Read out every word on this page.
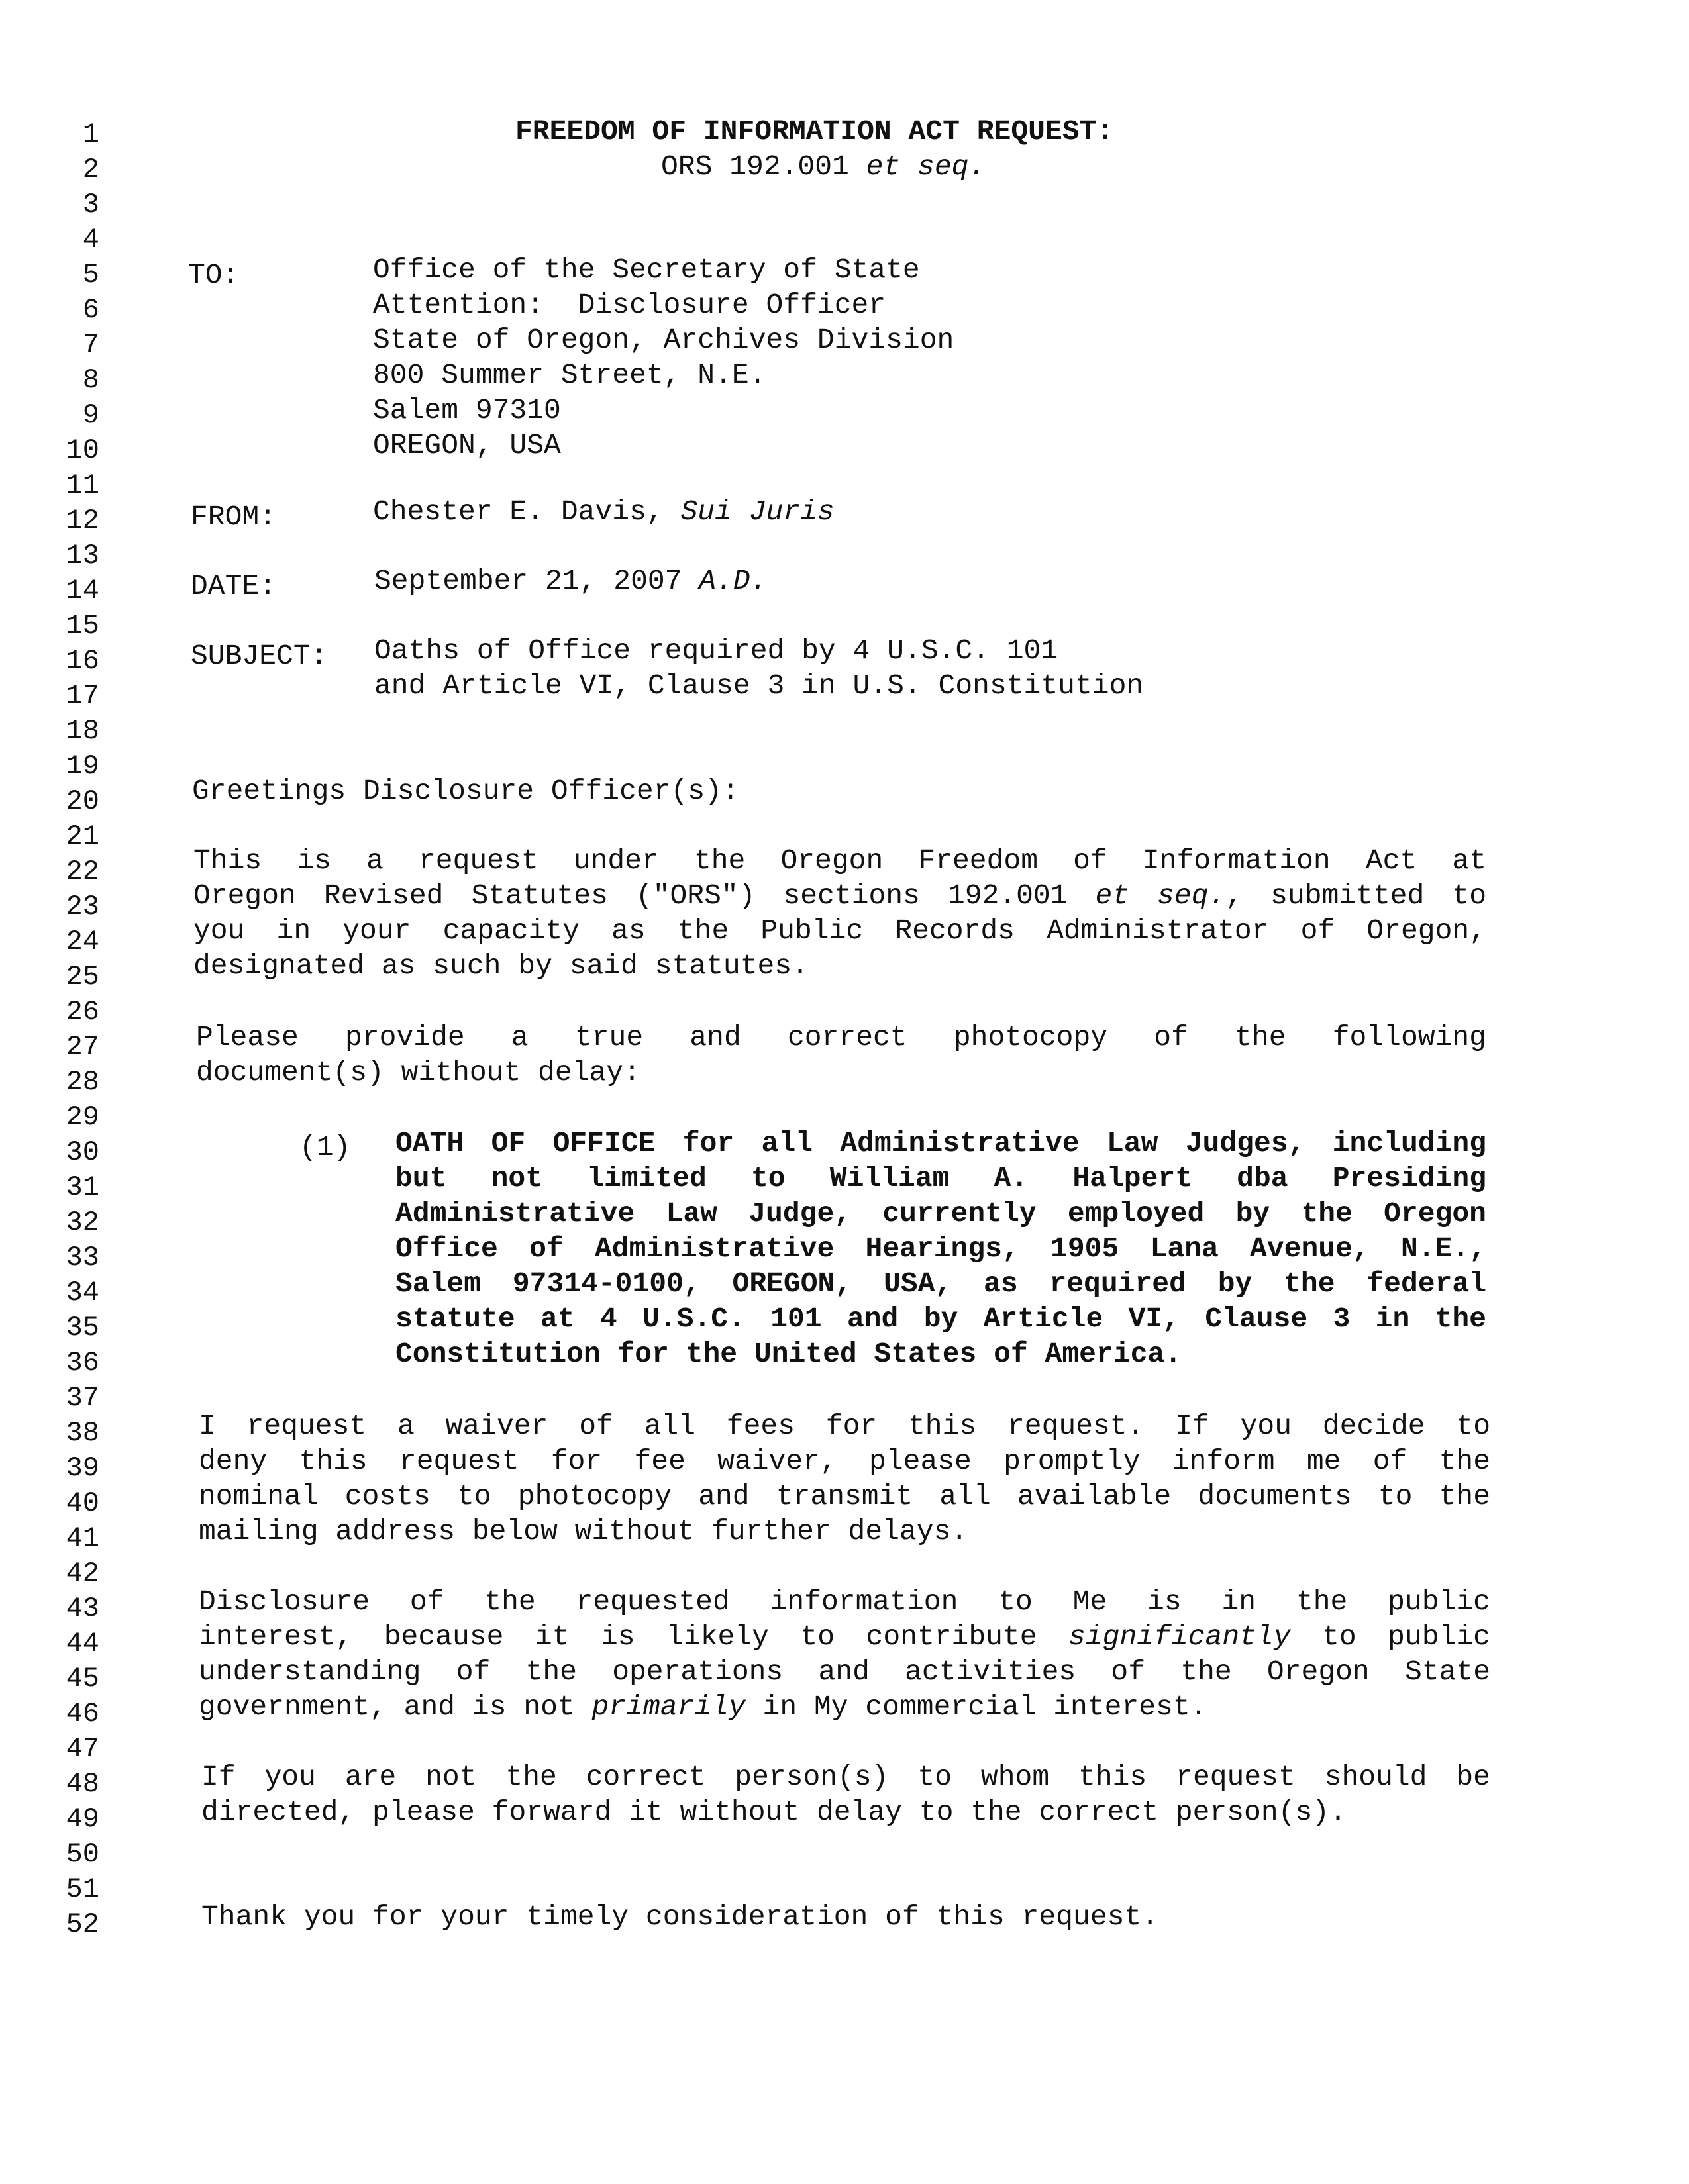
1
2
3
4
5
6
7
8
9
10
11
12
13
14
15
16
17
18
19
20
21
22
23
24
25
26
27
28
29
30
31
32
33
34
35
36
37
38
39
40
41
42
43
44
45
46
47
48
49
50
51
52
FREEDOM OF INFORMATION ACT REQUEST:
ORS 192.001 et seq.
TO:	Office of the Secretary of State
Attention:  Disclosure Officer
State of Oregon, Archives Division
800 Summer Street, N.E.
Salem 97310
OREGON, USA
FROM:	Chester E. Davis, Sui Juris
DATE:	September 21, 2007 A.D.
SUBJECT: Oaths of Office required by 4 U.S.C. 101
and Article VI, Clause 3 in U.S. Constitution
Greetings Disclosure Officer(s):
This is a request under the Oregon Freedom of Information Act at
Oregon Revised Statutes ("ORS") sections 192.001 et seq., submitted to
you in your capacity as the Public Records Administrator of Oregon,
designated as such by said statutes.
Please provide a true and correct photocopy of the following
document(s) without delay:
(1) OATH OF OFFICE for all Administrative Law Judges, including
but not limited to William A. Halpert dba Presiding
Administrative Law Judge, currently employed by the Oregon
Office of Administrative Hearings, 1905 Lana Avenue, N.E.,
Salem 97314-0100, OREGON, USA, as required by the federal
statute at 4 U.S.C. 101 and by Article VI, Clause 3 in the
Constitution for the United States of America.
I request a waiver of all fees for this request. If you decide to
deny this request for fee waiver, please promptly inform me of the
nominal costs to photocopy and transmit all available documents to the
mailing address below without further delays.
Disclosure of the requested information to Me is in the public
interest, because it is likely to contribute significantly to public
understanding of the operations and activities of the Oregon State
government, and is not primarily in My commercial interest.
If you are not the correct person(s) to whom this request should be
directed, please forward it without delay to the correct person(s).
Thank you for your timely consideration of this request.
